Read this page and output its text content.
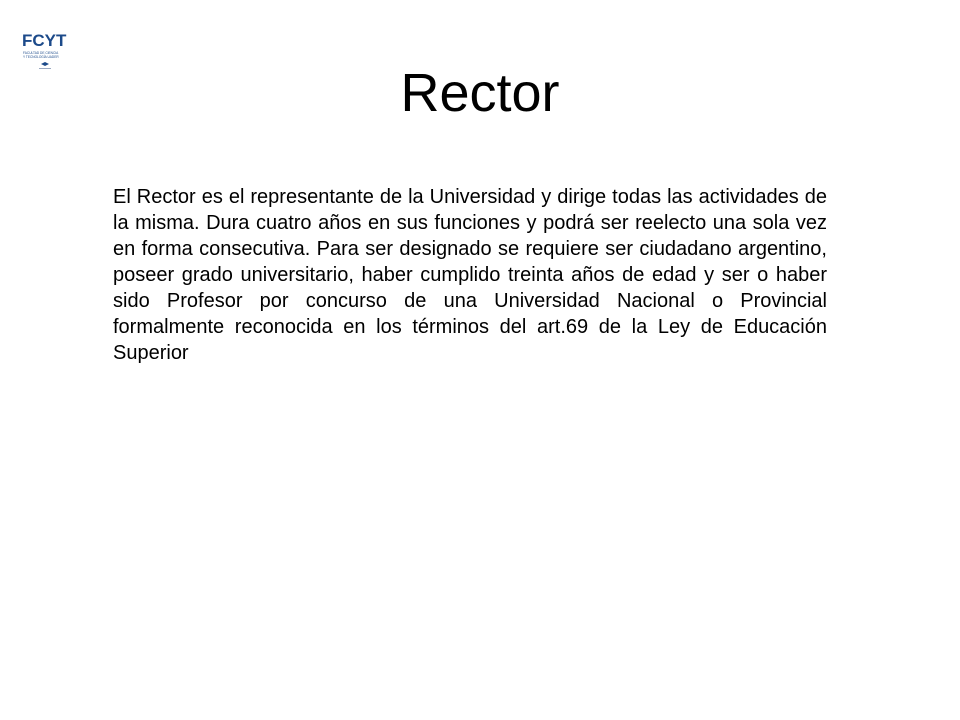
FCYT
FACULTAD DE CIENCIA
Y TECNOLOGÍA UADER
Rector
El Rector es el representante de la Universidad y dirige todas las actividades de la misma. Dura cuatro años en sus funciones y podrá ser reelecto una sola vez en forma consecutiva. Para ser designado se requiere ser ciudadano argentino, poseer grado universitario, haber cumplido treinta años de edad y ser o haber sido Profesor por concurso de una Universidad Nacional o Provincial formalmente reconocida en los términos del art.69 de la Ley de Educación Superior
